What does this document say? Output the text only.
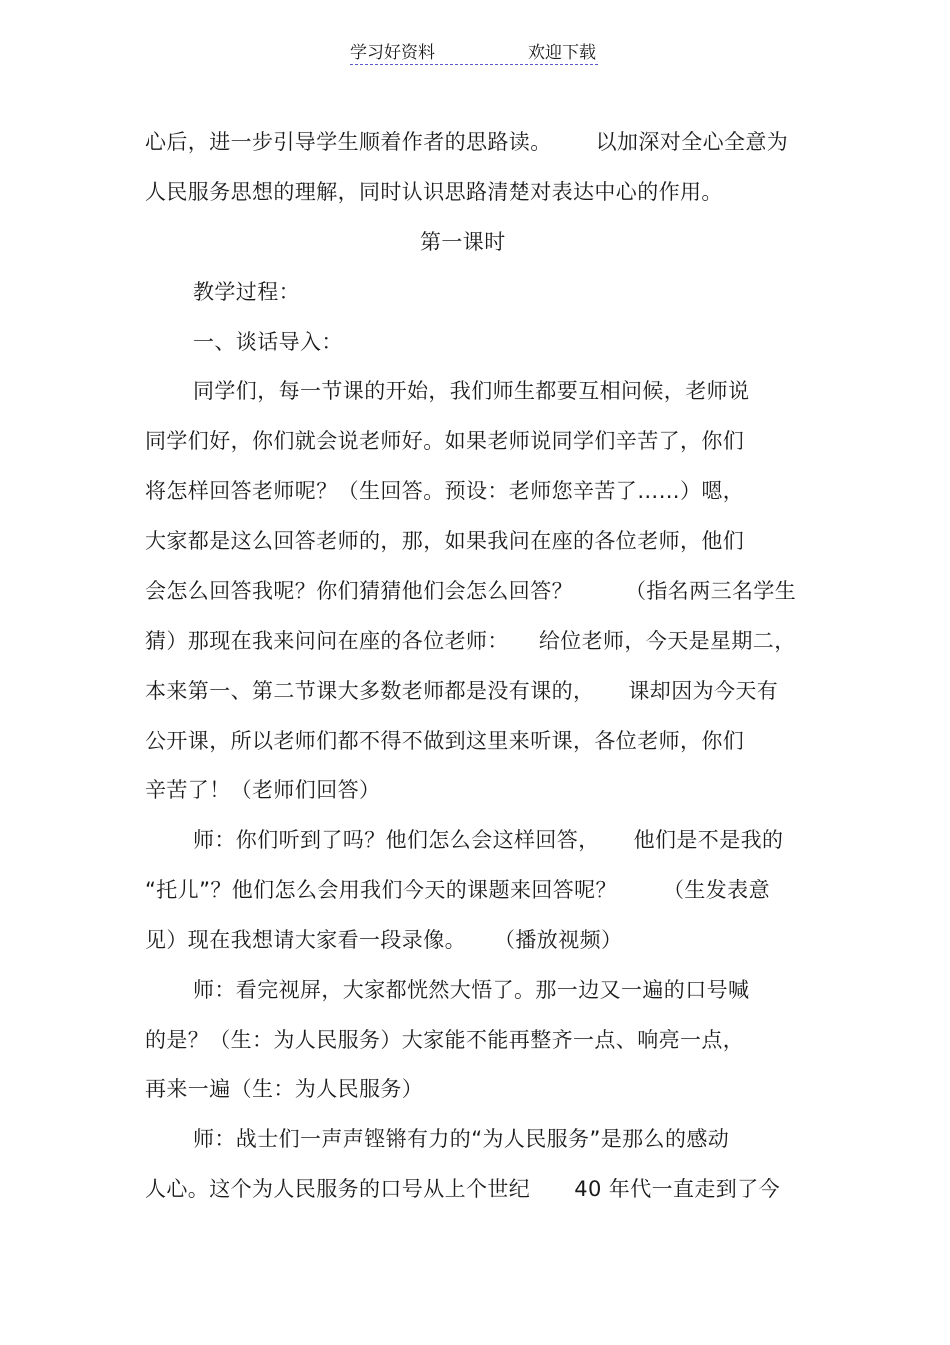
学习好资料	欢迎下载
心后，进一步引导学生顺着作者的思路读。 以加深对全心全意为
人民服务思想的理解，同时认识思路清楚对表达中心的作用。
第一课时
教学过程：
一、谈话导入：
同学们，每一节课的开始，我们师生都要互相问候，老师说
同学们好，你们就会说老师好。如果老师说同学们辛苦了，你们
将怎样回答老师呢？（生回答。预设：老师您辛苦了……）嗯，
大家都是这么回答老师的，那，如果我问在座的各位老师，他们
会怎么回答我呢？你们猜猜他们会怎么回答？ （指名两三名学生
猜）那现在我来问问在座的各位老师： 给位老师，今天是星期二，
本来第一、第二节课大多数老师都是没有课的， 课却因为今天有
公开课，所以老师们都不得不做到这里来听课，各位老师，你们
辛苦了！（老师们回答）
师：你们听到了吗？他们怎么会这样回答， 他们是不是我的
“托儿”？他们怎么会用我们今天的课题来回答呢？ （生发表意
见）现在我想请大家看一段录像。 （播放视频）
师：看完视屏，大家都恍然大悟了。那一边又一遍的口号喊
的是？（生：为人民服务）大家能不能再整齐一点、响亮一点，
再来一遍（生：为人民服务）
师：战士们一声声铿锵有力的“为人民服务”是那么的感动
人心。这个为人民服务的口号从上个世纪 40 年代一直走到了今
